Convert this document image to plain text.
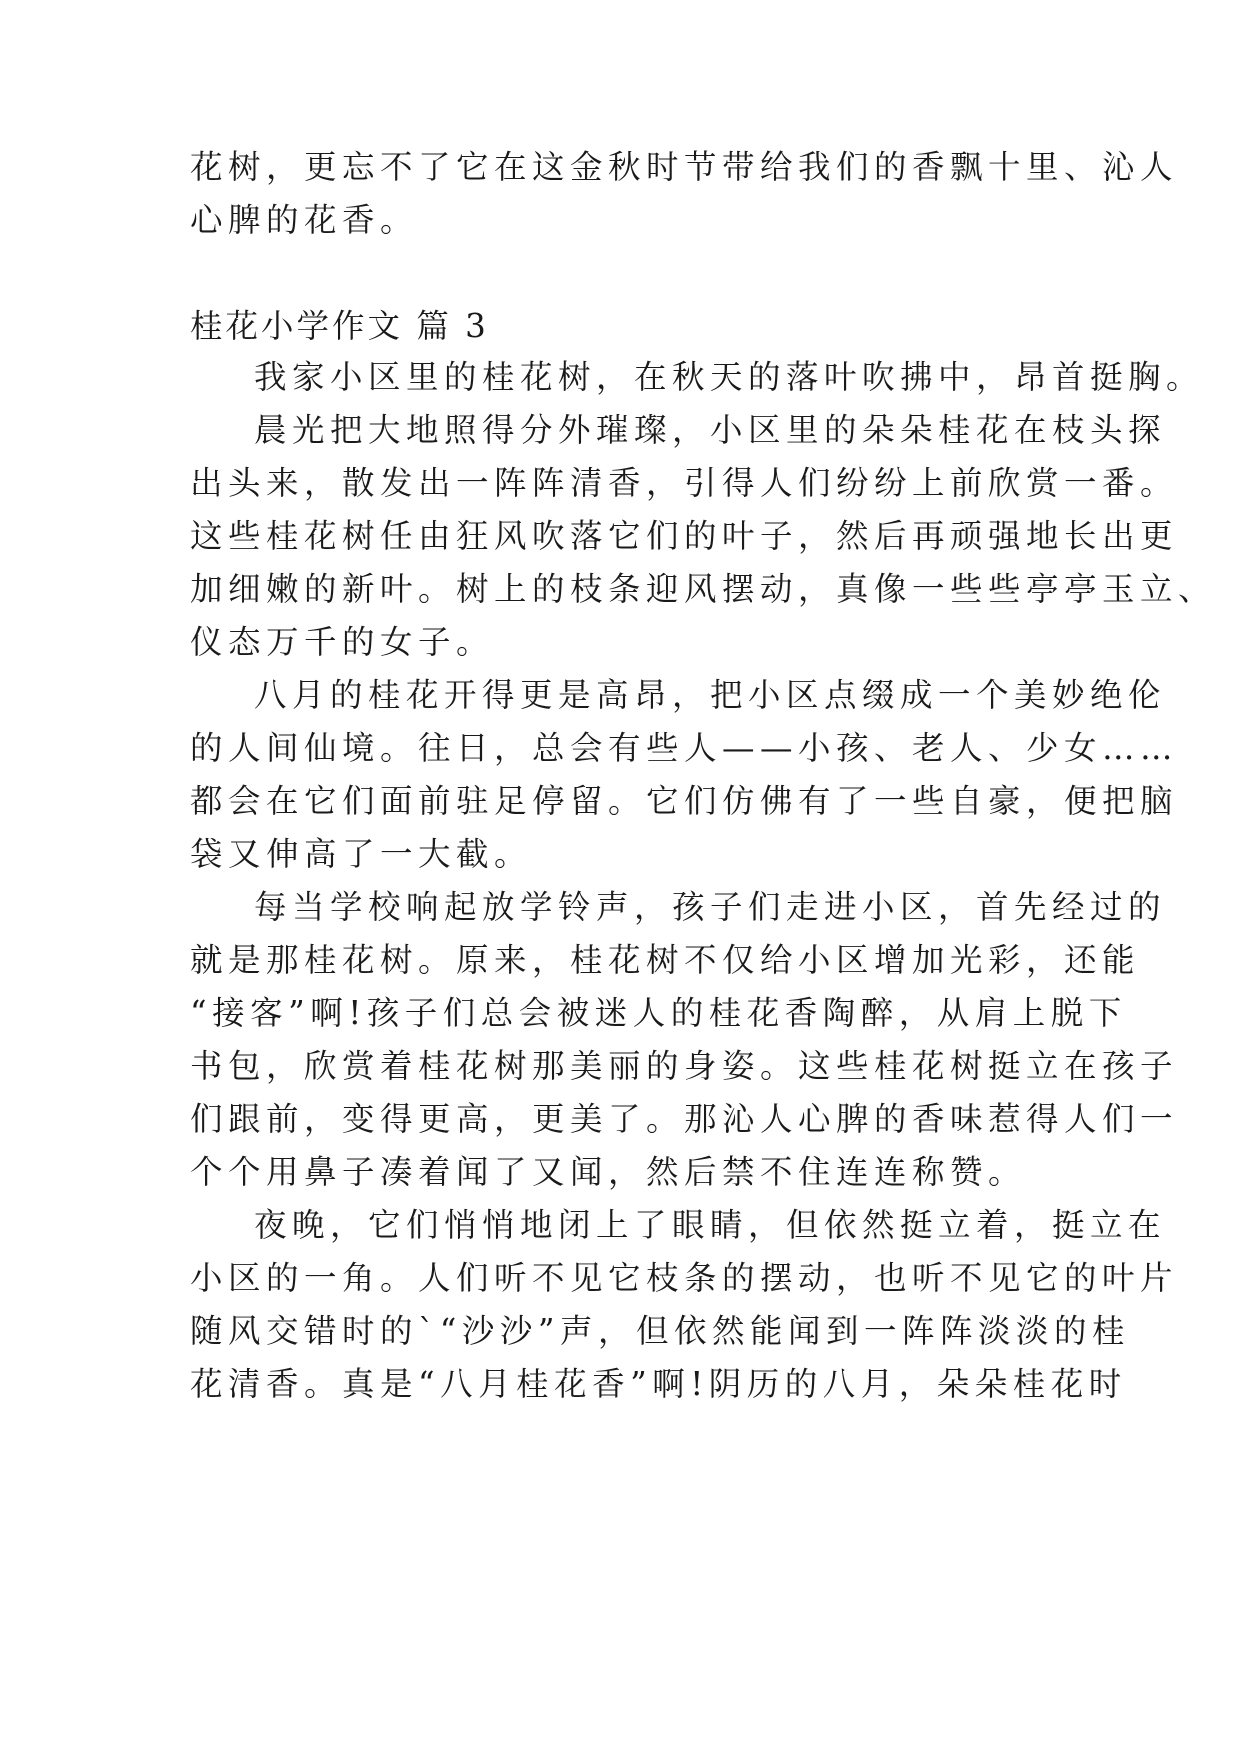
花树，更忘不了它在这金秋时节带给我们的香飘十里、沁人
心脾的花香。
桂花小学作文 篇 3
我家小区里的桂花树，在秋天的落叶吹拂中，昂首挺胸。
晨光把大地照得分外璀璨，小区里的朵朵桂花在枝头探
出头来，散发出一阵阵清香，引得人们纷纷上前欣赏一番。
这些桂花树任由狂风吹落它们的叶子，然后再顽强地长出更
加细嫩的新叶。树上的枝条迎风摆动，真像一些些亭亭玉立、
仪态万千的女子。
八月的桂花开得更是高昂，把小区点缀成一个美妙绝伦
的人间仙境。往日，总会有些人——小孩、老人、少女……
都会在它们面前驻足停留。它们仿佛有了一些自豪，便把脑
袋又伸高了一大截。
每当学校响起放学铃声，孩子们走进小区，首先经过的
就是那桂花树。原来，桂花树不仅给小区增加光彩，还能
“接客”啊!孩子们总会被迷人的桂花香陶醉，从肩上脱下
书包，欣赏着桂花树那美丽的身姿。这些桂花树挺立在孩子
们跟前，变得更高，更美了。那沁人心脾的香味惹得人们一
个个用鼻子凑着闻了又闻，然后禁不住连连称赞。
夜晚，它们悄悄地闭上了眼睛，但依然挺立着，挺立在
小区的一角。人们听不见它枝条的摆动，也听不见它的叶片
随风交错时的`“沙沙”声，但依然能闻到一阵阵淡淡的桂
花清香。真是“八月桂花香”啊!阴历的八月，朵朵桂花时
